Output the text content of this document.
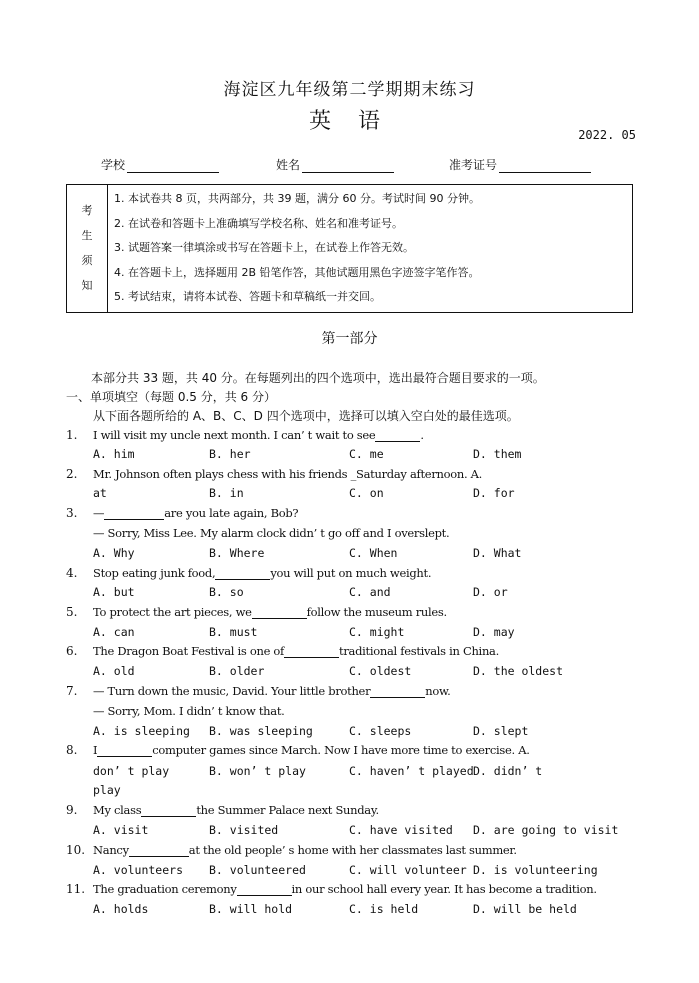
海淀区九年级第二学期期末练习
英 语
2022. 05
学校	姓名	准考证号
考
生
须
知

1. 本试卷共 8 页，共两部分，共 39 题，满分 60 分。考试时间 90 分钟。
2. 在试卷和答题卡上准确填写学校名称、姓名和准考证号。
3. 试题答案一律填涂或书写在答题卡上，在试卷上作答无效。
4. 在答题卡上，选择题用 2B 铅笔作答，其他试题用黑色字迹签字笔作答。
5. 考试结束，请将本试卷、答题卡和草稿纸一并交回。
第一部分
本部分共 33 题，共 40 分。在每题列出的四个选项中，选出最符合题目要求的一项。
一、单项填空（每题 0.5 分，共 6 分）
从下面各题所给的 A、B、C、D 四个选项中，选择可以填入空白处的最佳选项。
1. I will visit my uncle next month. I can’ t wait to see	.
A. him	B. her	C. me	D. them
2. Mr. Johnson often plays chess with his friends _Saturday afternoon. A.
at	B. in	C. on	D. for
3. —	are you late again, Bob?
— Sorry, Miss Lee. My alarm clock didn’ t go off and I overslept.
A. Why	B. Where	C. When	D. What
4. Stop eating junk food,	you will put on much weight.
A. but	B. so	C. and	D. or
5. To protect the art pieces, we	follow the museum rules.
A. can	B. must	C. might	D. may
6. The Dragon Boat Festival is one of	traditional festivals in China.
A. old	B. older	C. oldest	D. the oldest
7. — Turn down the music, David. Your little brother	now.
— Sorry, Mom. I didn’ t know that.
A. is sleeping B. was sleeping	C. sleeps	D. slept
8. I	computer games since March. Now I have more time to exercise. A.
don’ t play	B. won’ t play	C. haven’ t played D. didn’ t
play
9. My class	the Summer Palace next Sunday.
A. visit	B. visited	C. have visited D. are going to visit
10. Nancy	at the old people’ s home with her classmates last summer.
A. volunteers B. volunteered	C. will volunteer D. is volunteering
11. The graduation ceremony	in our school hall every year. It has become a tradition.
A. holds	B. will hold	C. is held	D. will be held
